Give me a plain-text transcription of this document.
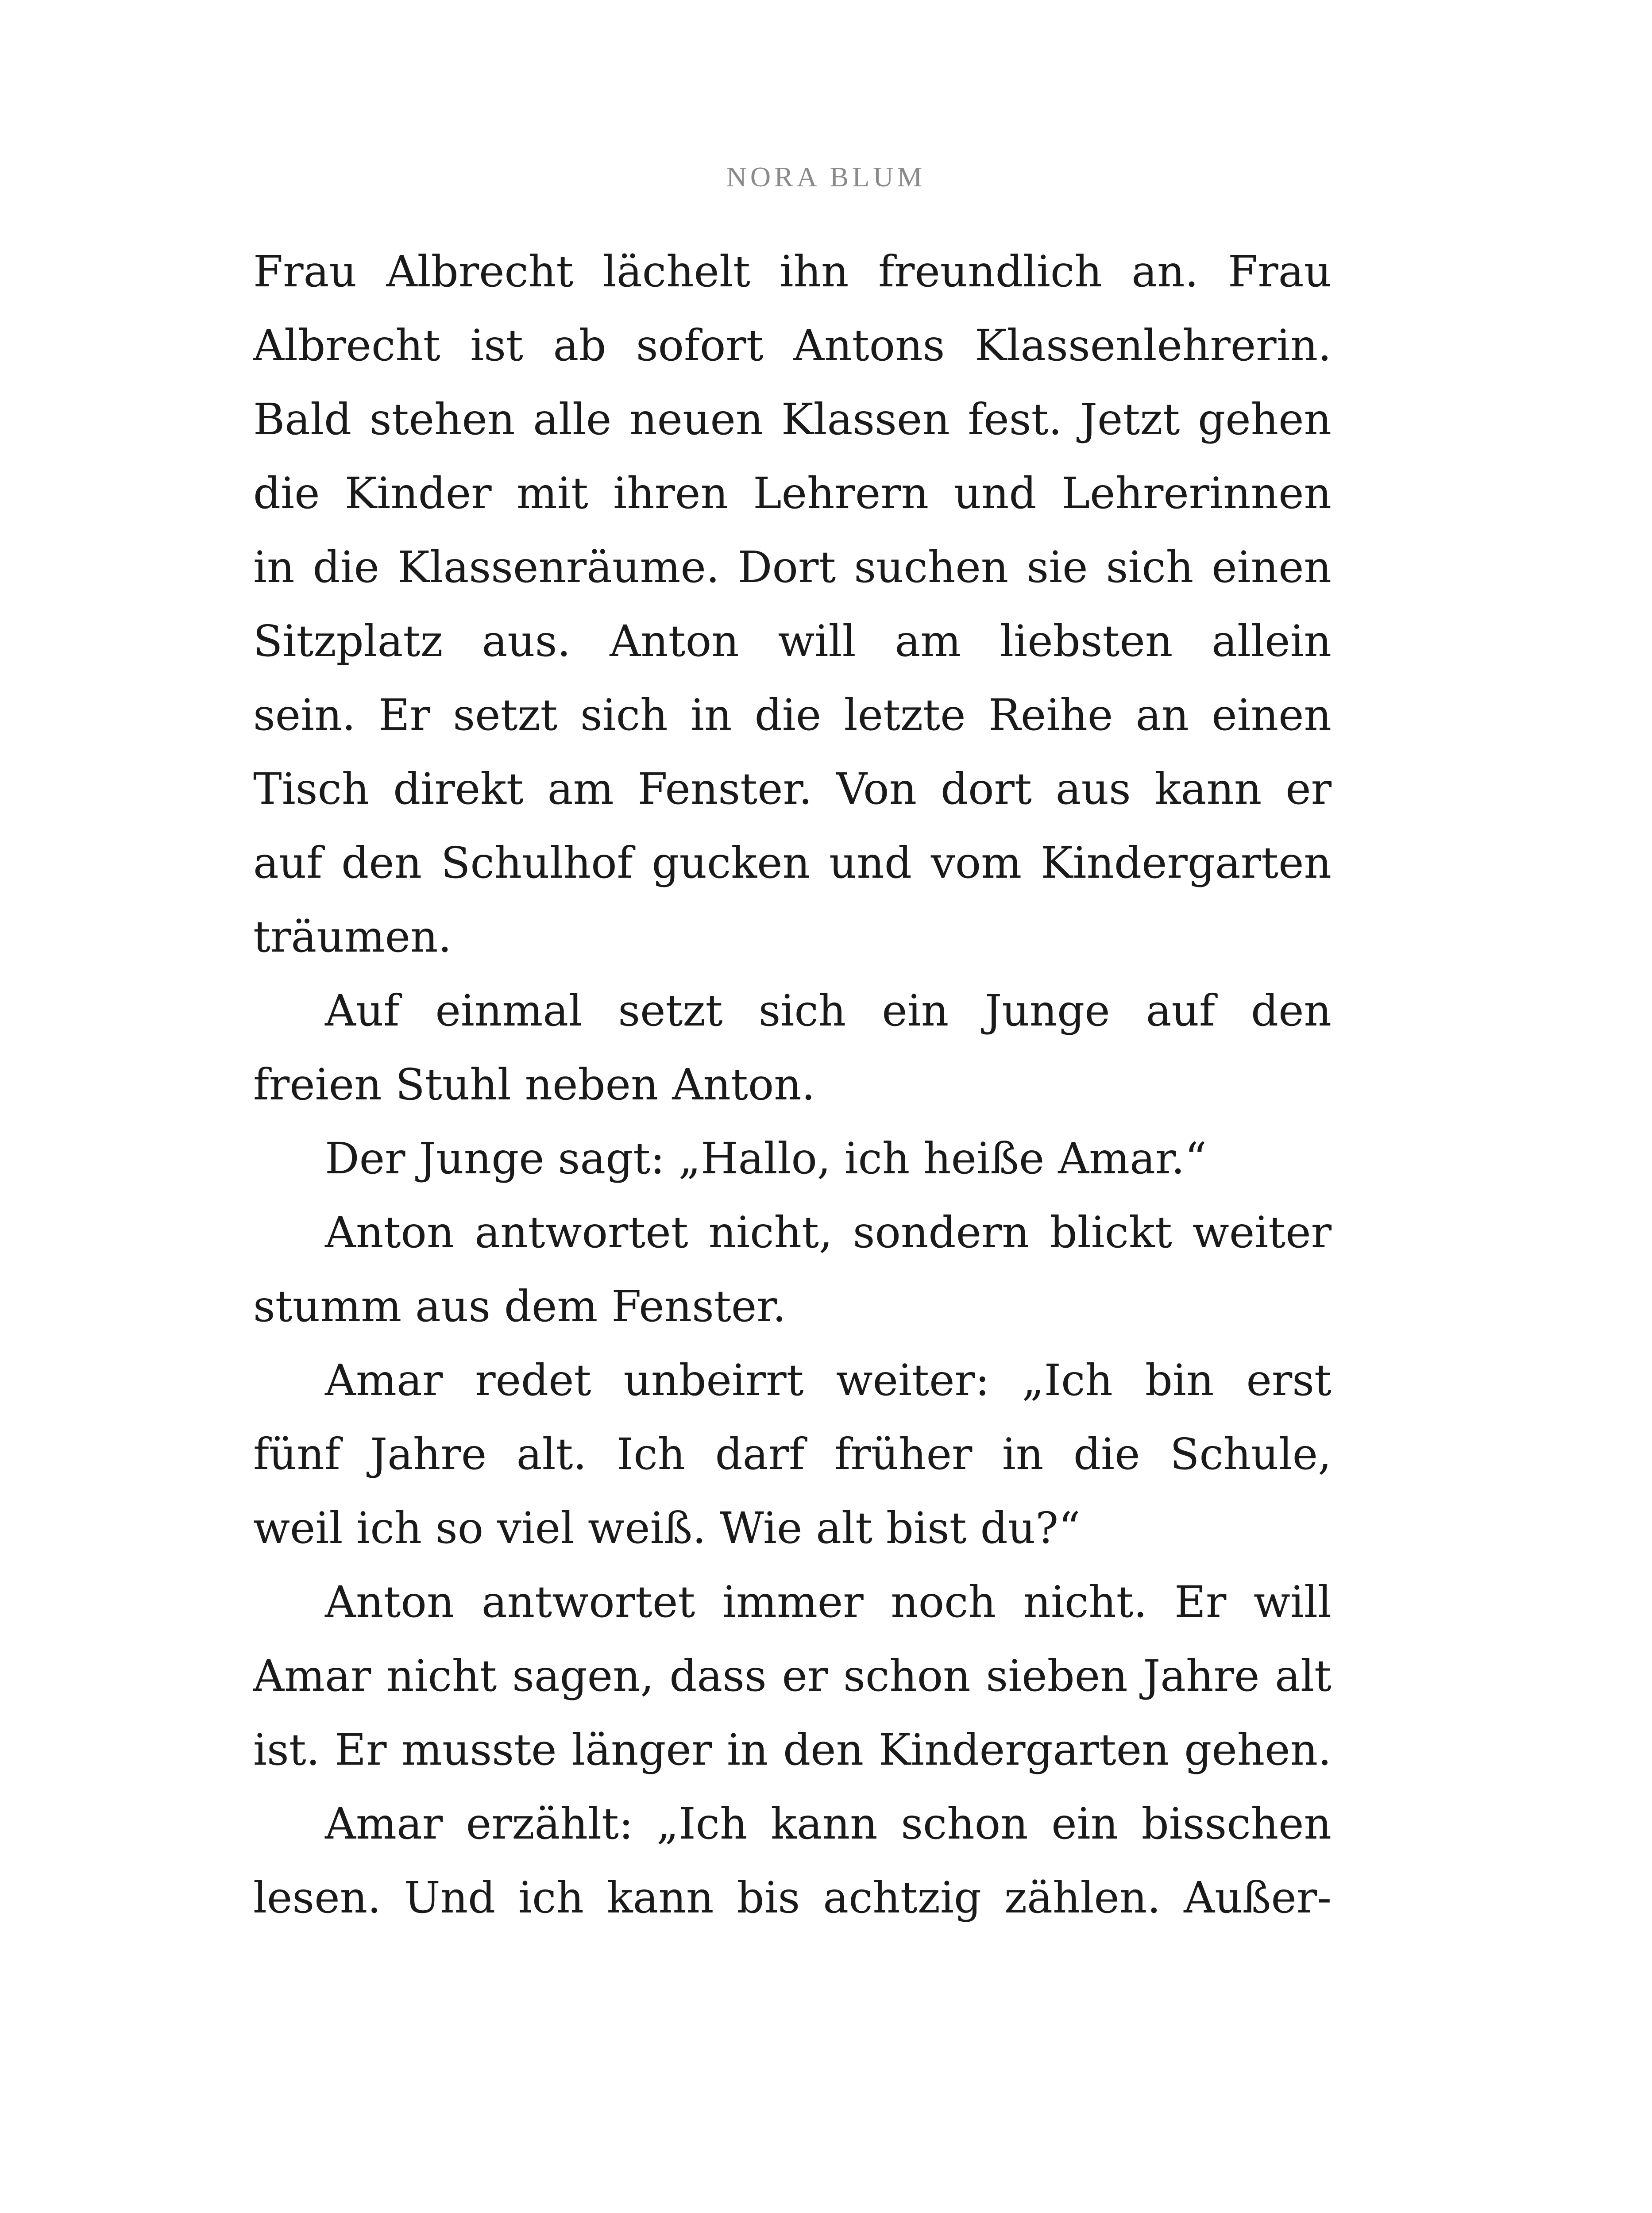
NORA BLUM
Frau Albrecht lächelt ihn freundlich an. Frau
Albrecht ist ab sofort Antons Klassenlehrerin.
Bald stehen alle neuen Klassen fest. Jetzt gehen
die Kinder mit ihren Lehrern und Lehrerinnen
in die Klassenräume. Dort suchen sie sich einen
Sitzplatz aus. Anton will am liebsten allein
sein. Er setzt sich in die letzte Reihe an einen
Tisch direkt am Fenster. Von dort aus kann er
auf den Schulhof gucken und vom Kindergarten
träumen.
Auf einmal setzt sich ein Junge auf den
freien Stuhl neben Anton.
Der Junge sagt: „Hallo, ich heiße Amar.“
Anton antwortet nicht, sondern blickt weiter
stumm aus dem Fenster.
Amar redet unbeirrt weiter: „Ich bin erst
fünf Jahre alt. Ich darf früher in die Schule,
weil ich so viel weiß. Wie alt bist du?“
Anton antwortet immer noch nicht. Er will
Amar nicht sagen, dass er schon sieben Jahre alt
ist. Er musste länger in den Kindergarten gehen.
Amar erzählt: „Ich kann schon ein bisschen
lesen. Und ich kann bis achtzig zählen. Außer-
